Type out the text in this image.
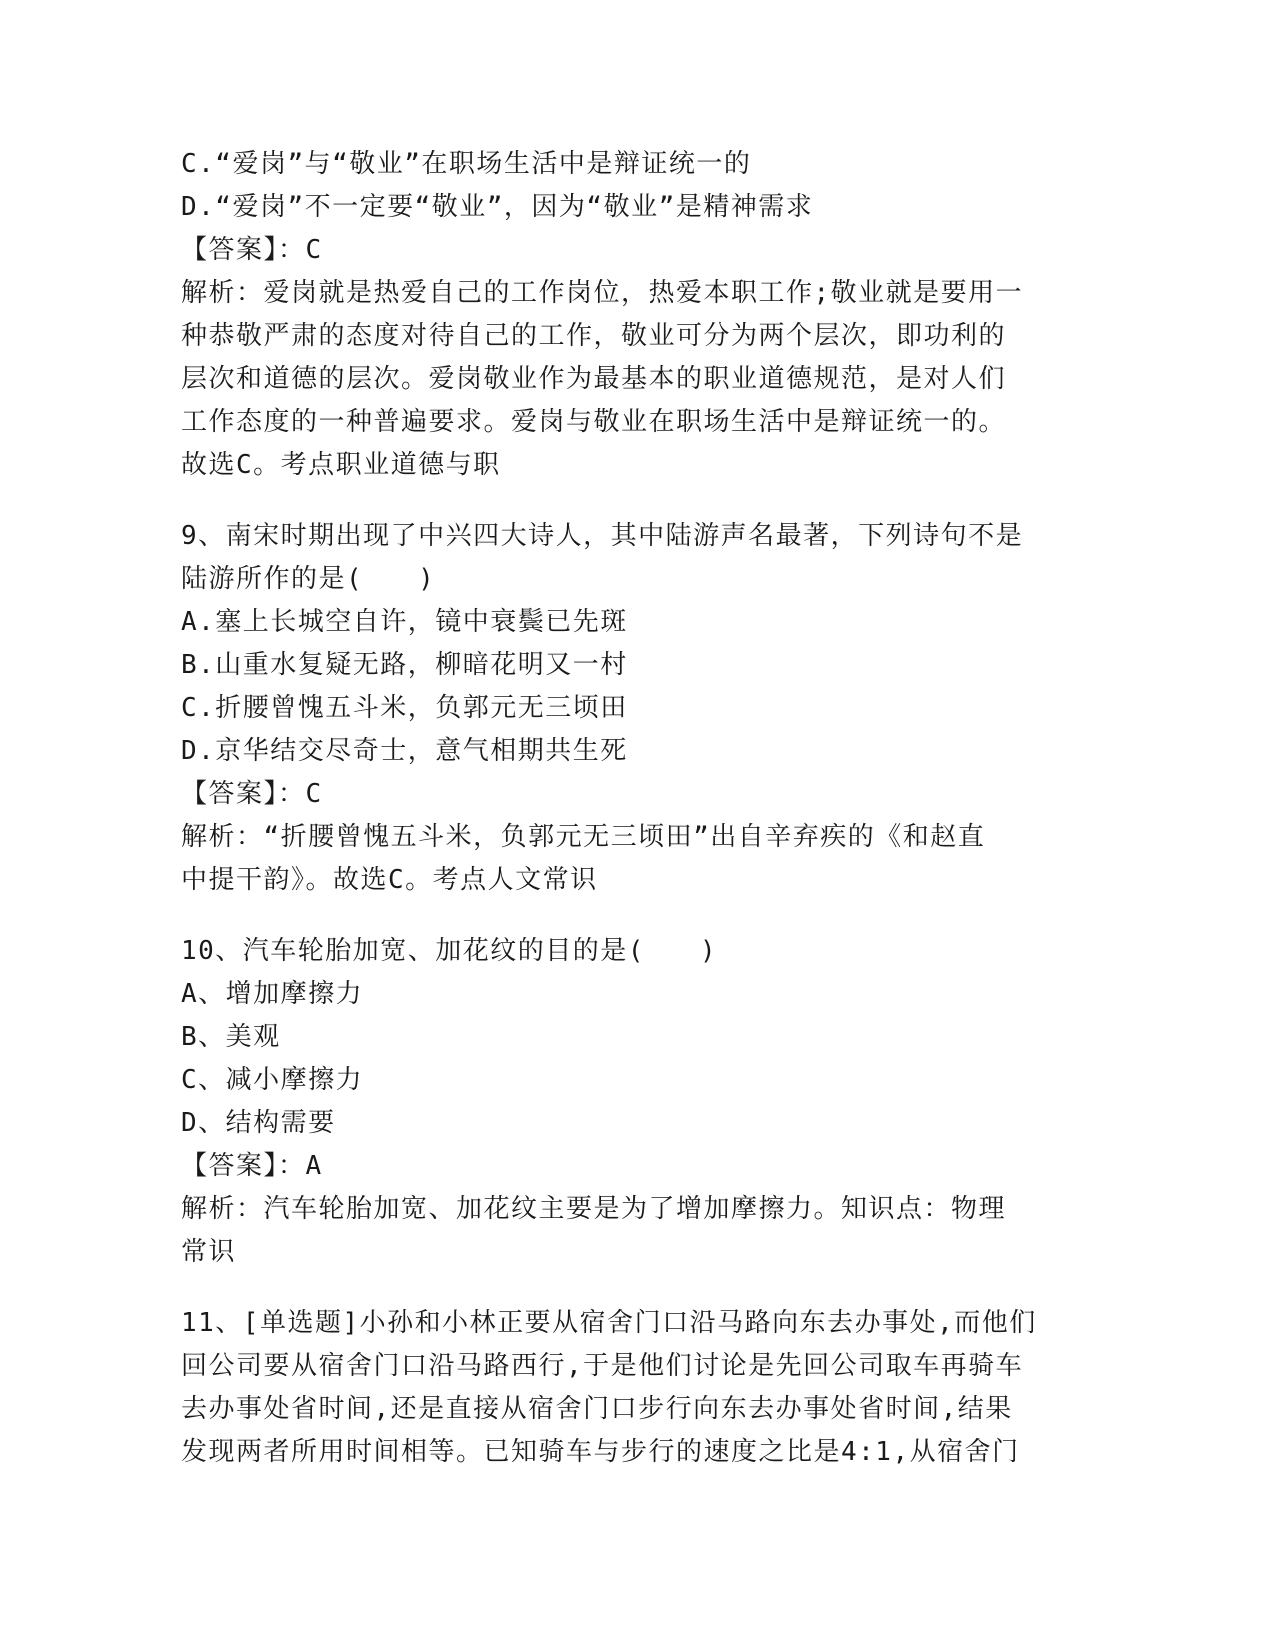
C.“爱岗”与“敬业”在职场生活中是辩证统一的
D.“爱岗”不一定要“敬业”，因为“敬业”是精神需求
【答案】：C
解析：爱岗就是热爱自己的工作岗位，热爱本职工作;敬业就是要用一
种恭敬严肃的态度对待自己的工作，敬业可分为两个层次，即功利的
层次和道德的层次。爱岗敬业作为最基本的职业道德规范，是对人们
工作态度的一种普遍要求。爱岗与敬业在职场生活中是辩证统一的。
故选C。考点职业道德与职
9、南宋时期出现了中兴四大诗人，其中陆游声名最著，下列诗句不是
陆游所作的是(　　)
A.塞上长城空自许，镜中衰鬓已先斑
B.山重水复疑无路，柳暗花明又一村
C.折腰曾愧五斗米，负郭元无三顷田
D.京华结交尽奇士，意气相期共生死
【答案】：C
解析：“折腰曾愧五斗米，负郭元无三顷田”出自辛弃疾的《和赵直
中提干韵》。故选C。考点人文常识
10、汽车轮胎加宽、加花纹的目的是(　　)
A、增加摩擦力
B、美观
C、减小摩擦力
D、结构需要
【答案】：A
解析：汽车轮胎加宽、加花纹主要是为了增加摩擦力。知识点：物理
常识
11、[单选题]小孙和小林正要从宿舍门口沿马路向东去办事处,而他们
回公司要从宿舍门口沿马路西行,于是他们讨论是先回公司取车再骑车
去办事处省时间,还是直接从宿舍门口步行向东去办事处省时间,结果
发现两者所用时间相等。已知骑车与步行的速度之比是4:1,从宿舍门
